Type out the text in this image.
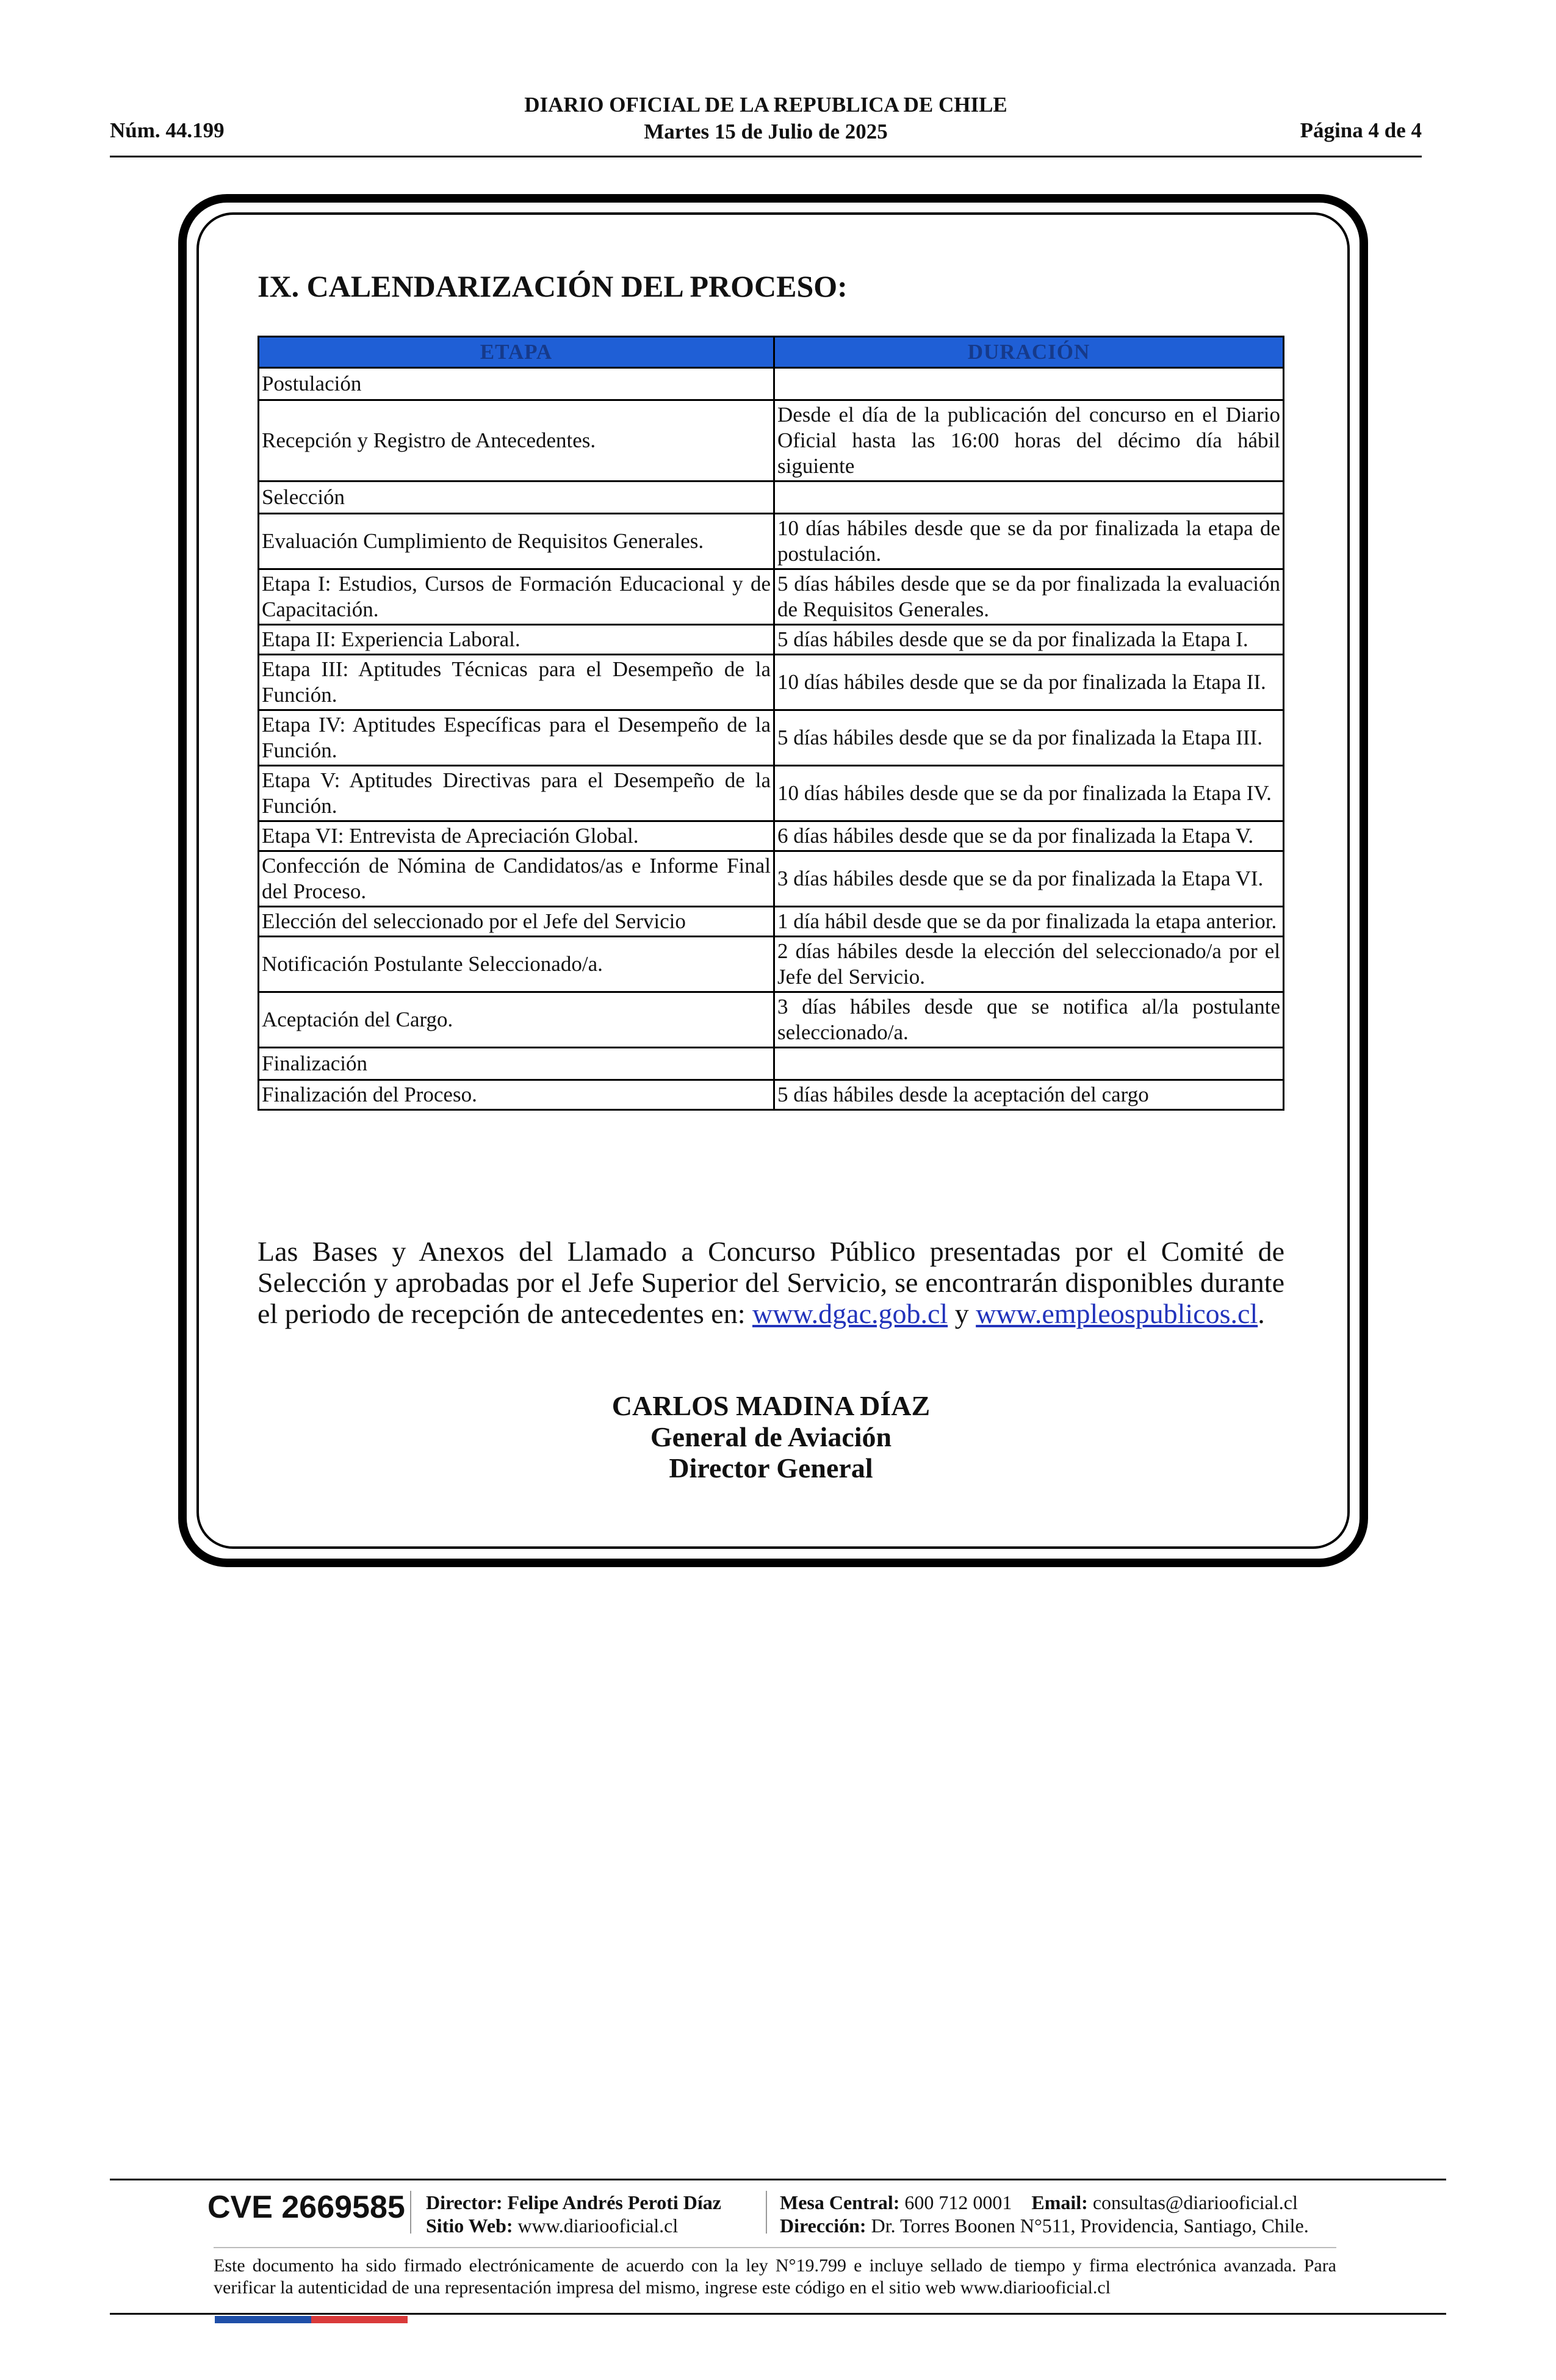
DIARIO OFICIAL DE LA REPUBLICA DE CHILE
Martes 15 de Julio de 2025
Núm. 44.199	Página 4 de 4
IX. CALENDARIZACIÓN DEL PROCESO:
ETAPA	DURACIÓN
Postulación	
Recepción y Registro de Antecedentes.	Desde el día de la publicación del concurso en el Diario Oficial hasta las 16:00 horas del décimo día hábil siguiente
Selección	
Evaluación Cumplimiento de Requisitos Generales.	10 días hábiles desde que se da por finalizada la etapa de postulación.
Etapa I: Estudios, Cursos de Formación Educacional y de Capacitación.	5 días hábiles desde que se da por finalizada la evaluación de Requisitos Generales.
Etapa II: Experiencia Laboral.	5 días hábiles desde que se da por finalizada la Etapa I.
Etapa III: Aptitudes Técnicas para el Desempeño de la Función.	10 días hábiles desde que se da por finalizada la Etapa II.
Etapa IV: Aptitudes Específicas para el Desempeño de la Función.	5 días hábiles desde que se da por finalizada la Etapa III.
Etapa V: Aptitudes Directivas para el Desempeño de la Función.	10 días hábiles desde que se da por finalizada la Etapa IV.
Etapa VI: Entrevista de Apreciación Global.	6 días hábiles desde que se da por finalizada la Etapa V.
Confección de Nómina de Candidatos/as e Informe Final del Proceso.	3 días hábiles desde que se da por finalizada la Etapa VI.
Elección del seleccionado por el Jefe del Servicio	1 día hábil desde que se da por finalizada la etapa anterior.
Notificación Postulante Seleccionado/a.	2 días hábiles desde la elección del seleccionado/a por el Jefe del Servicio.
Aceptación del Cargo.	3 días hábiles desde que se notifica al/la postulante seleccionado/a.
Finalización	
Finalización del Proceso.	5 días hábiles desde la aceptación del cargo
Las Bases y Anexos del Llamado a Concurso Público presentadas por el Comité de Selección y aprobadas por el Jefe Superior del Servicio, se encontrarán disponibles durante el periodo de recepción de antecedentes en: www.dgac.gob.cl y www.empleospublicos.cl.
CARLOS MADINA DÍAZ
General de Aviación
Director General
CVE 2669585 Director: Felipe Andrés Peroti Díaz
Sitio Web: www.diariooficial.cl
Mesa Central: 600 712 0001 Email: consultas@diariooficial.cl
Dirección: Dr. Torres Boonen N°511, Providencia, Santiago, Chile.
Este documento ha sido firmado electrónicamente de acuerdo con la ley N°19.799 e incluye sellado de tiempo y firma electrónica avanzada. Para verificar la autenticidad de una representación impresa del mismo, ingrese este código en el sitio web www.diariooficial.cl
